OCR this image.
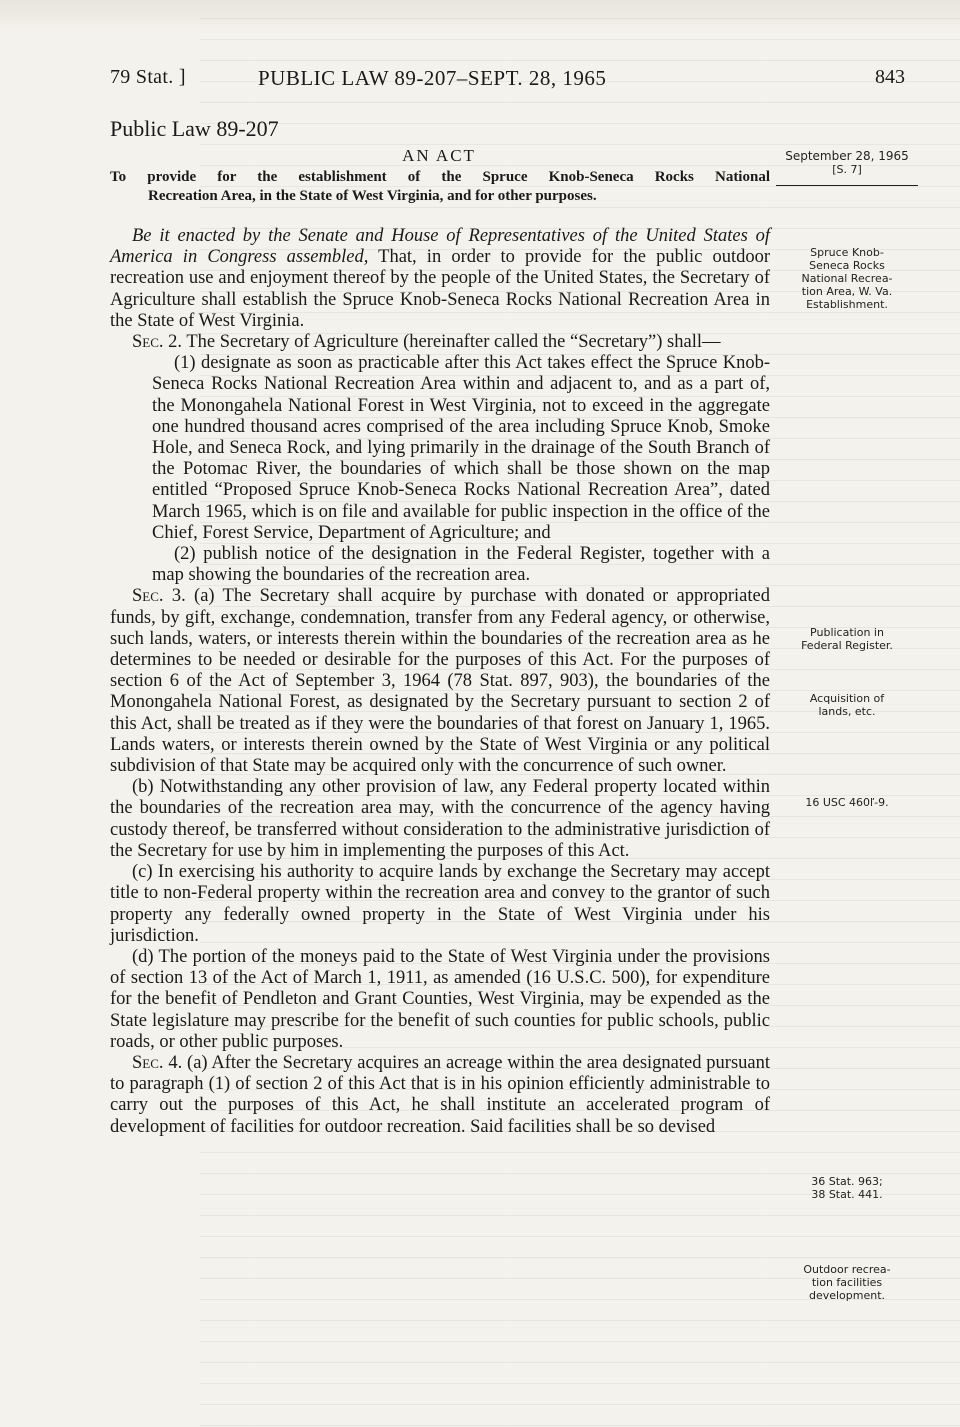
79 Stat. ]	PUBLIC LAW 89-207–SEPT. 28, 1965	843
Public Law 89-207
AN ACT
To provide for the establishment of the Spruce Knob-Seneca Rocks National
Recreation Area, in the State of West Virginia, and for other purposes.
September 28, 1965
[S. 7]
Spruce Knob-
Seneca Rocks
National Recrea-
tion Area, W. Va.
Establishment.
Publication in
Federal Register.
Acquisition of
lands, etc.
16 USC 460ľ-9.
36 Stat. 963;
38 Stat. 441.
Outdoor recrea-
tion facilities
development.

Be it enacted by the Senate and House of Representatives of the United States of America in Congress assembled, That, in order to provide for the public outdoor recreation use and enjoyment thereof by the people of the United States, the Secretary of Agriculture shall establish the Spruce Knob-Seneca Rocks National Recreation Area in the State of West Virginia.

Sec. 2. The Secretary of Agriculture (hereinafter called the “Secretary”) shall—

(1) designate as soon as practicable after this Act takes effect the Spruce Knob-Seneca Rocks National Recreation Area within and adjacent to, and as a part of, the Monongahela National Forest in West Virginia, not to exceed in the aggregate one hundred thousand acres comprised of the area including Spruce Knob, Smoke Hole, and Seneca Rock, and lying primarily in the drainage of the South Branch of the Potomac River, the boundaries of which shall be those shown on the map entitled “Proposed Spruce Knob-Seneca Rocks National Recreation Area”, dated March 1965, which is on file and available for public inspection in the office of the Chief, Forest Service, Department of Agriculture; and

(2) publish notice of the designation in the Federal Register, together with a map showing the boundaries of the recreation area.

Sec. 3. (a) The Secretary shall acquire by purchase with donated or appropriated funds, by gift, exchange, condemnation, transfer from any Federal agency, or otherwise, such lands, waters, or interests therein within the boundaries of the recreation area as he determines to be needed or desirable for the purposes of this Act. For the purposes of section 6 of the Act of September 3, 1964 (78 Stat. 897, 903), the boundaries of the Monongahela National Forest, as designated by the Secretary pursuant to section 2 of this Act, shall be treated as if they were the boundaries of that forest on January 1, 1965. Lands waters, or interests therein owned by the State of West Virginia or any political subdivision of that State may be acquired only with the concurrence of such owner.

(b) Notwithstanding any other provision of law, any Federal property located within the boundaries of the recreation area may, with the concurrence of the agency having custody thereof, be transferred without consideration to the administrative jurisdiction of the Secretary for use by him in implementing the purposes of this Act.

(c) In exercising his authority to acquire lands by exchange the Secretary may accept title to non-Federal property within the recreation area and convey to the grantor of such property any federally owned property in the State of West Virginia under his jurisdiction.

(d) The portion of the moneys paid to the State of West Virginia under the provisions of section 13 of the Act of March 1, 1911, as amended (16 U.S.C. 500), for expenditure for the benefit of Pendleton and Grant Counties, West Virginia, may be expended as the State legislature may prescribe for the benefit of such counties for public schools, public roads, or other public purposes.

Sec. 4. (a) After the Secretary acquires an acreage within the area designated pursuant to paragraph (1) of section 2 of this Act that is in his opinion efficiently administrable to carry out the purposes of this Act, he shall institute an accelerated program of development of facilities for outdoor recreation. Said facilities shall be so devised
